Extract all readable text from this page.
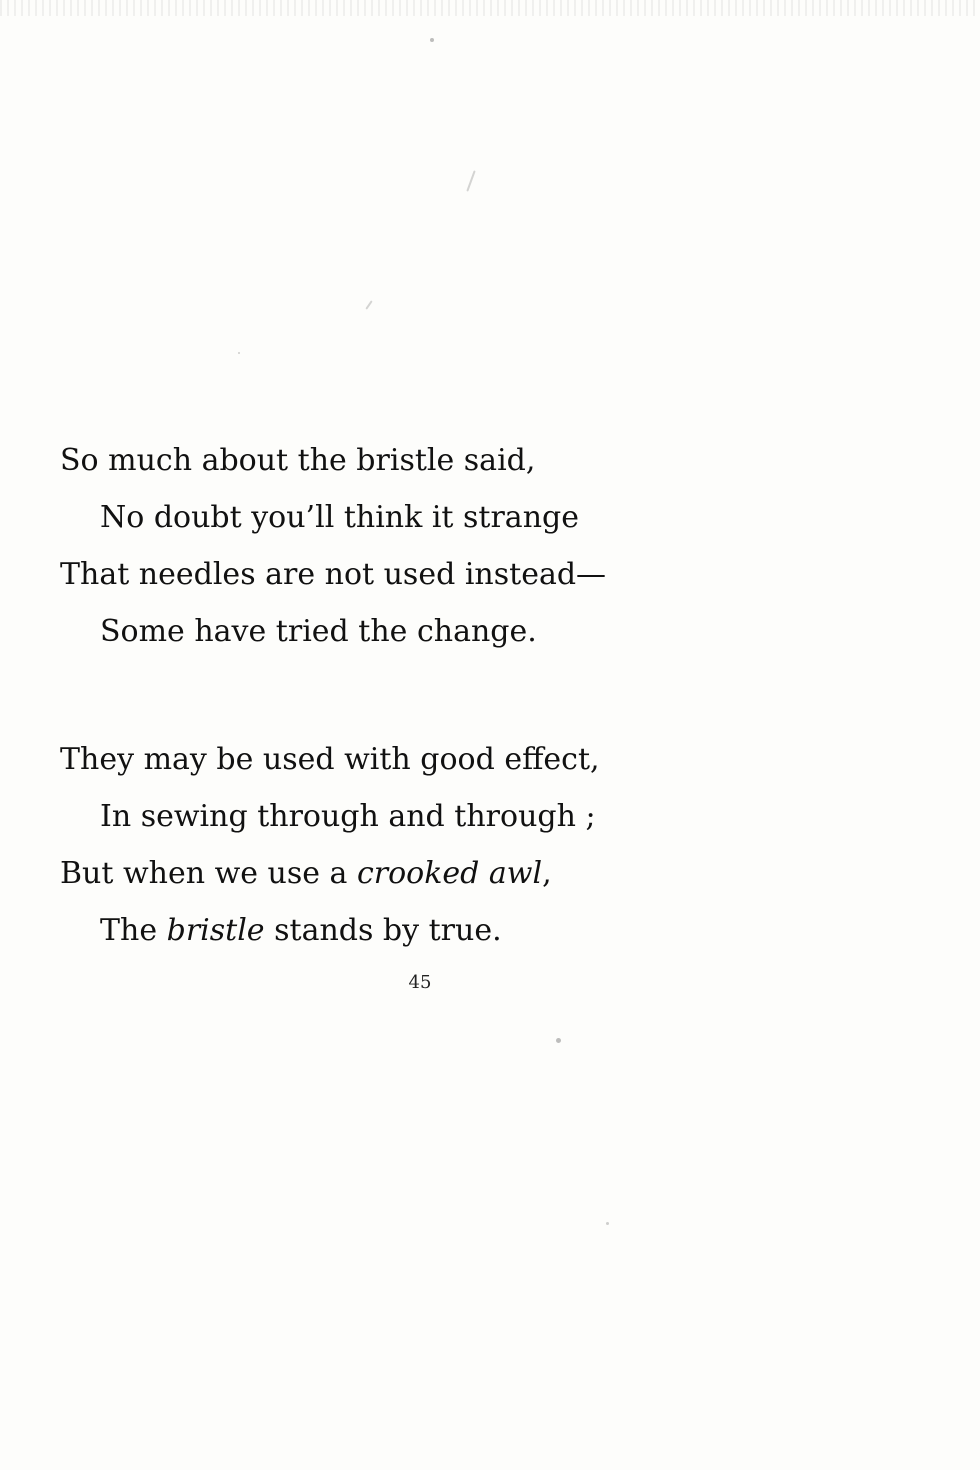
So much about the bristle said,
No doubt you’ll think it strange
That needles are not used instead—
Some have tried the change.
They may be used with good effect,
In sewing through and through ;
But when we use a crooked awl,
The bristle stands by true.
45
